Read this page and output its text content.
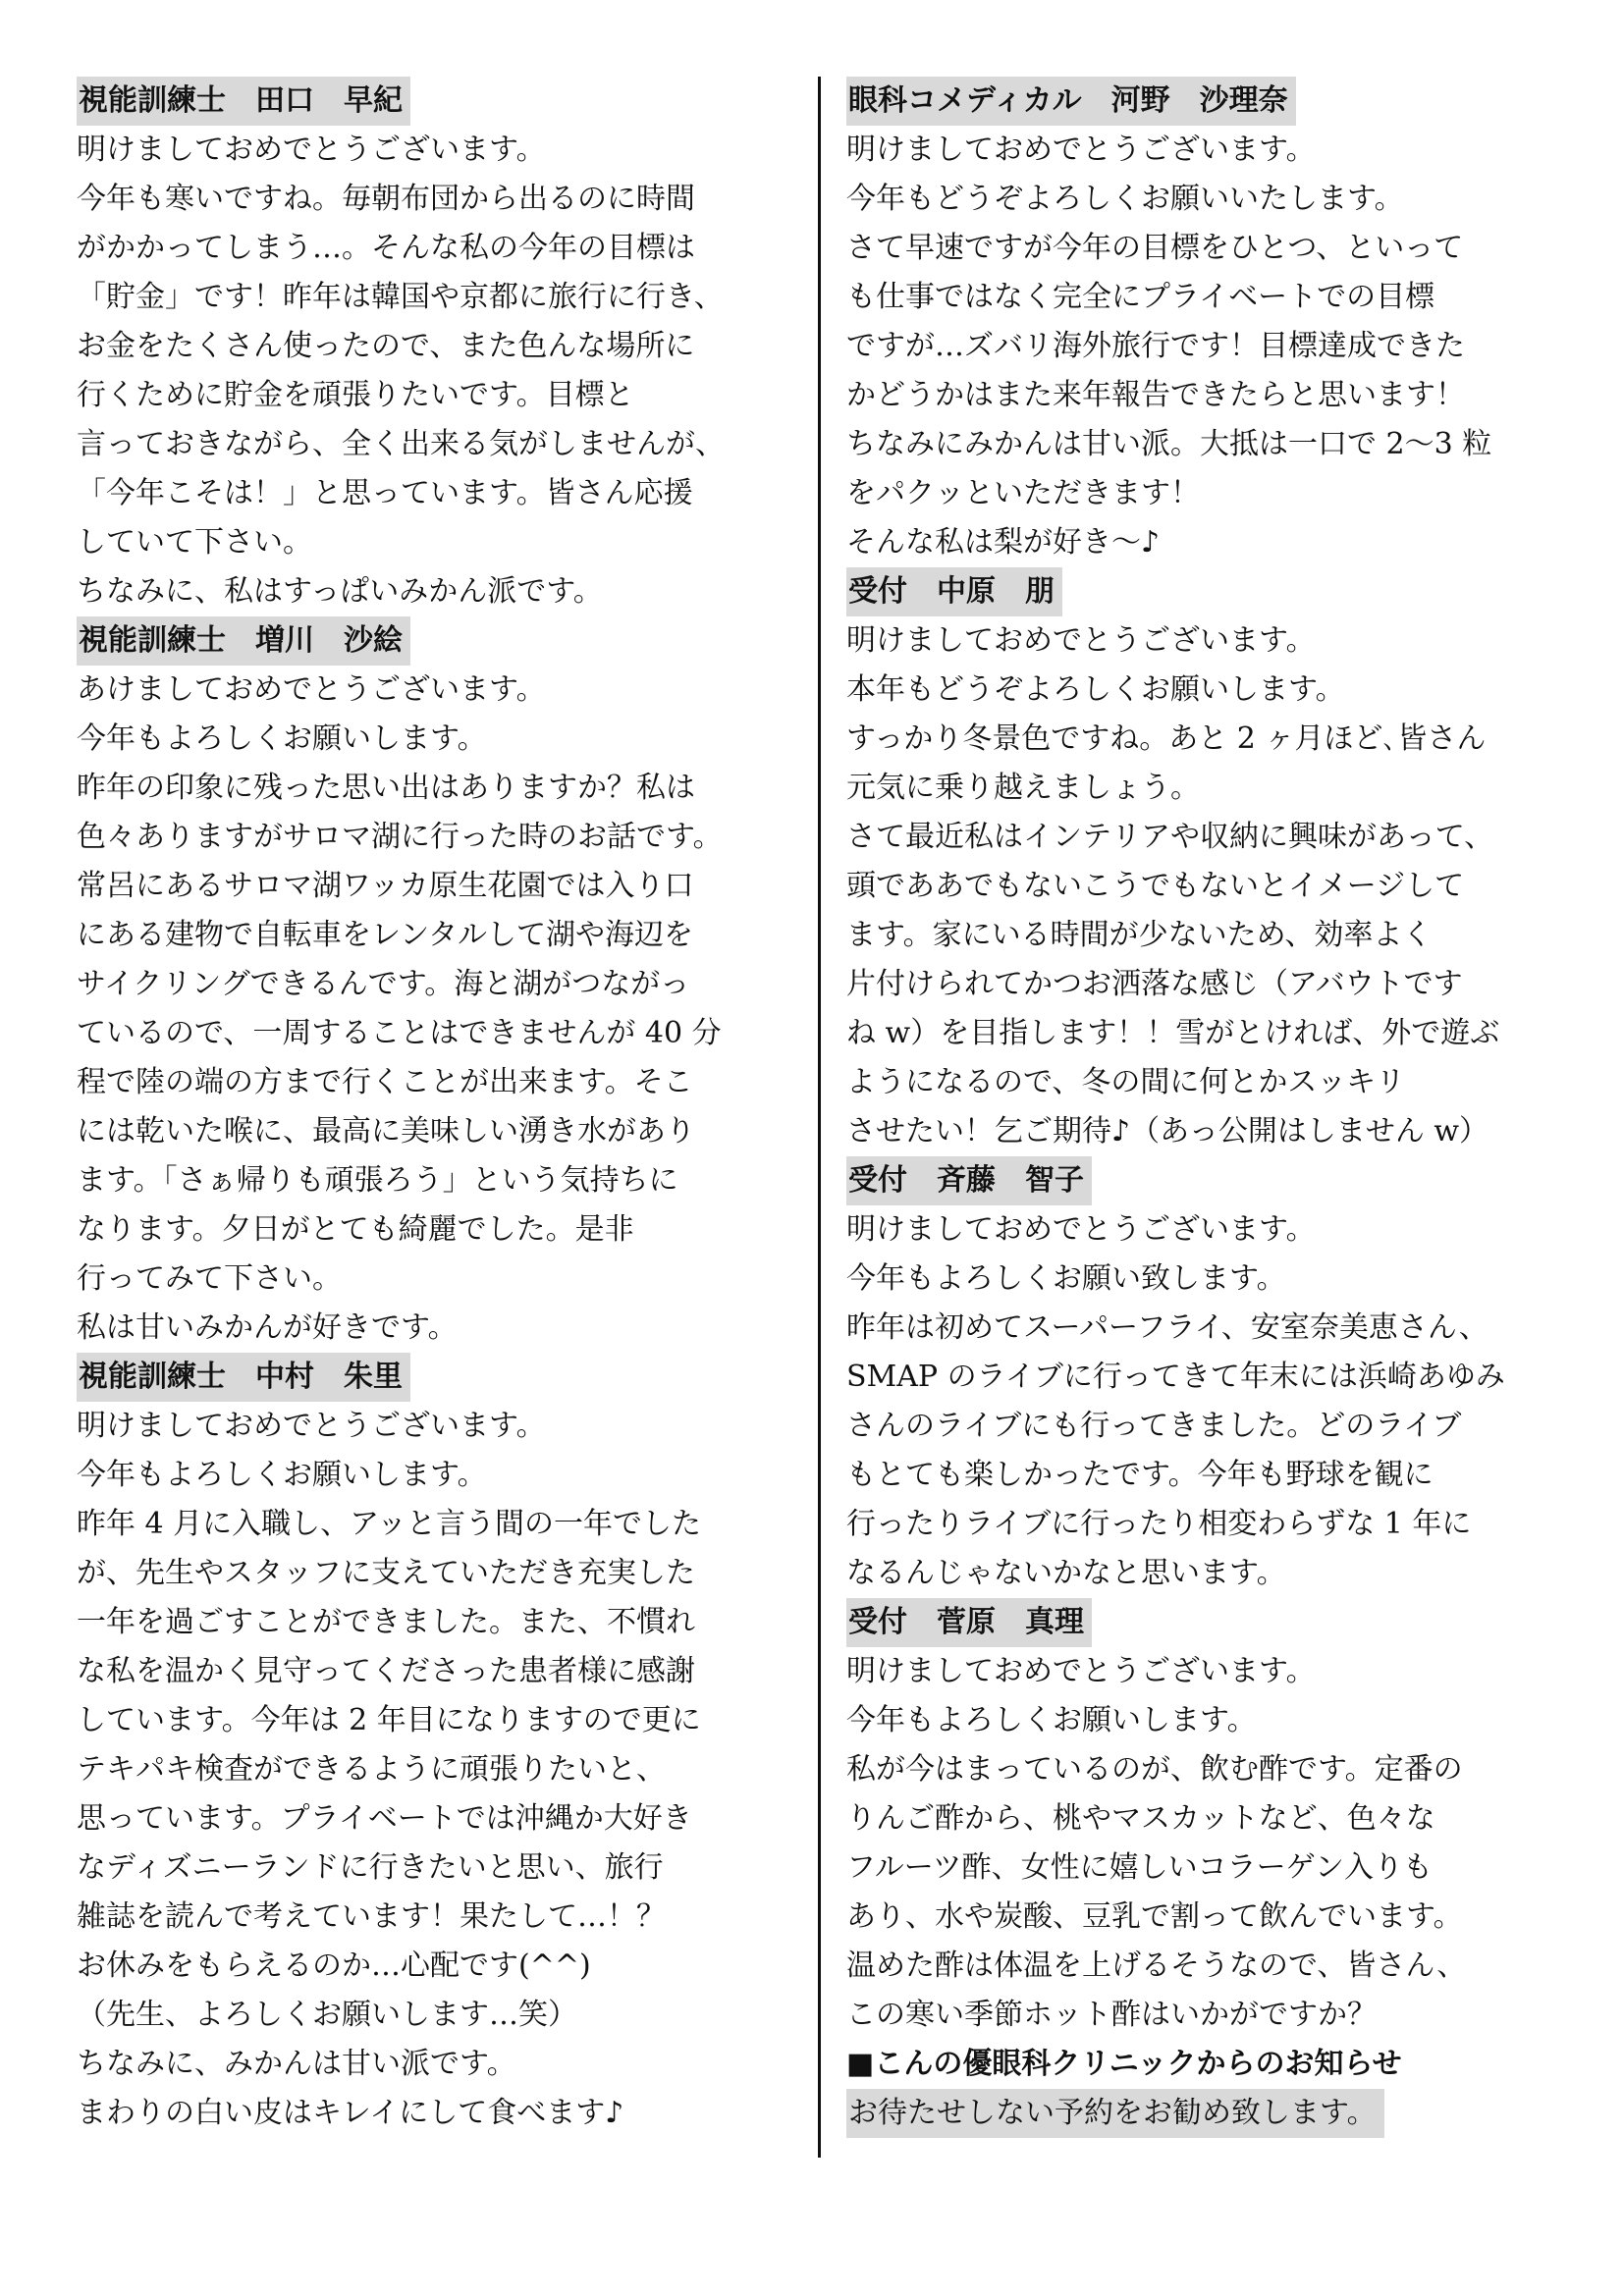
視能訓練士　田口　早紀
明けましておめでとうございます。
今年も寒いですね。毎朝布団から出るのに時間
がかかってしまう…。そんな私の今年の目標は
「貯金」です！昨年は韓国や京都に旅行に行き、
お金をたくさん使ったので、また色んな場所に
行くために貯金を頑張りたいです。目標と
言っておきながら、全く出来る気がしませんが、
「今年こそは！」と思っています。皆さん応援
していて下さい。
ちなみに、私はすっぱいみかん派です。
視能訓練士　増川　沙絵
あけましておめでとうございます。
今年もよろしくお願いします。
昨年の印象に残った思い出はありますか？私は
色々ありますがサロマ湖に行った時のお話です。
常呂にあるサロマ湖ワッカ原生花園では入り口
にある建物で自転車をレンタルして湖や海辺を
サイクリングできるんです。海と湖がつながっ
ているので、一周することはできませんが 40 分
程で陸の端の方まで行くことが出来ます。そこ
には乾いた喉に、最高に美味しい湧き水があり
ます。「さぁ帰りも頑張ろう」という気持ちに
なります。夕日がとても綺麗でした。是非
行ってみて下さい。
私は甘いみかんが好きです。
視能訓練士　中村　朱里
明けましておめでとうございます。
今年もよろしくお願いします。
昨年 4 月に入職し、アッと言う間の一年でした
が、先生やスタッフに支えていただき充実した
一年を過ごすことができました。また、不慣れ
な私を温かく見守ってくださった患者様に感謝
しています。今年は 2 年目になりますので更に
テキパキ検査ができるように頑張りたいと、
思っています。プライベートでは沖縄か大好き
なディズニーランドに行きたいと思い、旅行
雑誌を読んで考えています！果たして…！？
お休みをもらえるのか…心配です(^^)
（先生、よろしくお願いします…笑）
ちなみに、みかんは甘い派です。
まわりの白い皮はキレイにして食べます♪
眼科コメディカル　河野　沙理奈
明けましておめでとうございます。
今年もどうぞよろしくお願いいたします。
さて早速ですが今年の目標をひとつ、といって
も仕事ではなく完全にプライベートでの目標
ですが…ズバリ海外旅行です！目標達成できた
かどうかはまた来年報告できたらと思います！
ちなみにみかんは甘い派。大抵は一口で 2～3 粒
をパクッといただきます！
そんな私は梨が好き～♪
受付　中原　朋
明けましておめでとうございます。
本年もどうぞよろしくお願いします。
すっかり冬景色ですね。あと 2 ヶ月ほど､皆さん
元気に乗り越えましょう。
さて最近私はインテリアや収納に興味があって、
頭でああでもないこうでもないとイメージして
ます。家にいる時間が少ないため、効率よく
片付けられてかつお洒落な感じ（アバウトです
ね w）を目指します！！雪がとければ、外で遊ぶ
ようになるので、冬の間に何とかスッキリ
させたい！乞ご期待♪（あっ公開はしません w）
受付　斉藤　智子
明けましておめでとうございます。
今年もよろしくお願い致します。
昨年は初めてスーパーフライ、安室奈美恵さん、
SMAP のライブに行ってきて年末には浜崎あゆみ
さんのライブにも行ってきました。どのライブ
もとても楽しかったです。今年も野球を観に
行ったりライブに行ったり相変わらずな 1 年に
なるんじゃないかなと思います。
受付　菅原　真理
明けましておめでとうございます。
今年もよろしくお願いします。
私が今はまっているのが、飲む酢です。定番の
りんご酢から、桃やマスカットなど、色々な
フルーツ酢、女性に嬉しいコラーゲン入りも
あり、水や炭酸、豆乳で割って飲んでいます。
温めた酢は体温を上げるそうなので、皆さん、
この寒い季節ホット酢はいかがですか？
■こんの優眼科クリニックからのお知らせ
お待たせしない予約をお勧め致します。
